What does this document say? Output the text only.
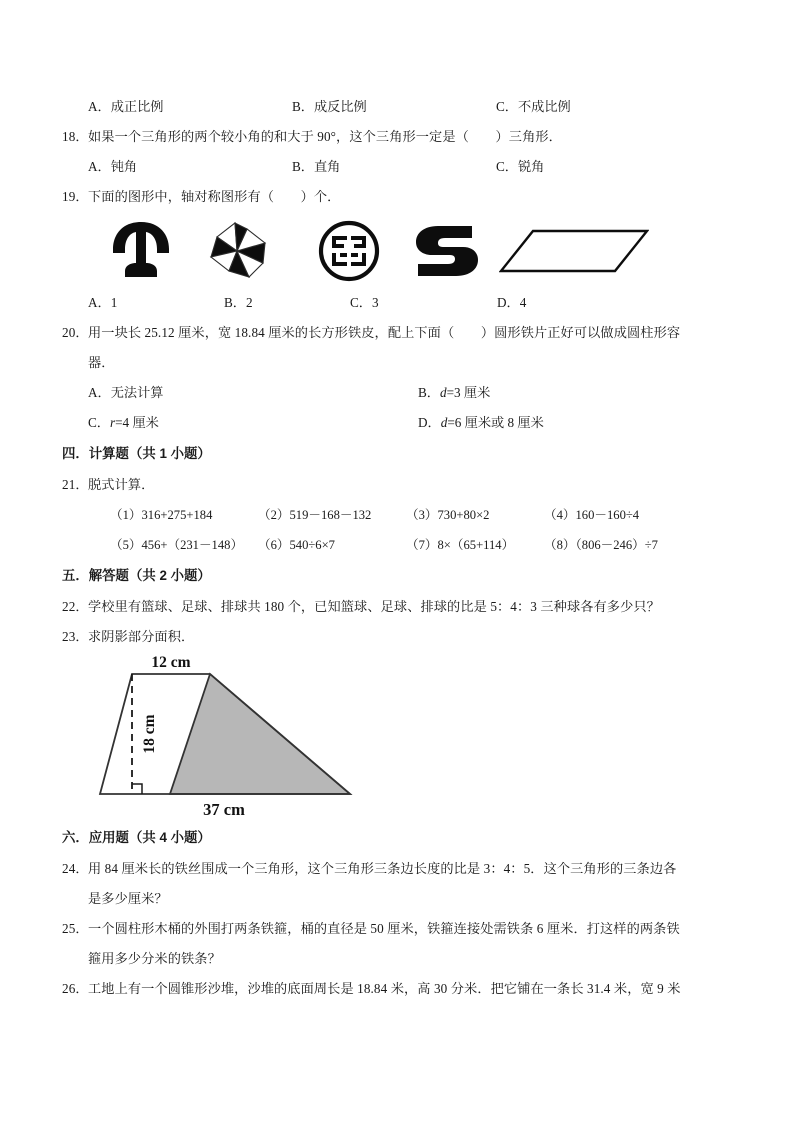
A．成正比例	B．成反比例	C．不成比例
18．如果一个三角形的两个较小角的和大于 90°，这个三角形一定是（　　）三角形．
A．钝角	B．直角	C．锐角
19．下面的图形中，轴对称图形有（　　）个．
A．1	B．2	C．3	D．4
20．用一块长 25.12 厘米，宽 18.84 厘米的长方形铁皮，配上下面（　　）圆形铁片正好可以做成圆柱形容
器．
A．无法计算	B．d=3 厘米
C．r=4 厘米	D．d=6 厘米或 8 厘米
四．计算题（共 1 小题）
21．脱式计算．
（1）316+275+184	（2）519－168－132	（3）730+80×2	（4）160－160÷4
（5）456+（231－148）	（6）540÷6×7	（7）8×（65+114）	（8）（806－246）÷7
五．解答题（共 2 小题）
22．学校里有篮球、足球、排球共 180 个，已知篮球、足球、排球的比是 5：4：3 三种球各有多少只？
23．求阴影部分面积．
12 cm
18 cm
37 cm
六．应用题（共 4 小题）
24．用 84 厘米长的铁丝围成一个三角形，这个三角形三条边长度的比是 3：4：5．这个三角形的三条边各
是多少厘米？
25．一个圆柱形木桶的外围打两条铁箍，桶的直径是 50 厘米，铁箍连接处需铁条 6 厘米．打这样的两条铁
箍用多少分米的铁条？
26．工地上有一个圆锥形沙堆，沙堆的底面周长是 18.84 米，高 30 分米．把它铺在一条长 31.4 米，宽 9 米
